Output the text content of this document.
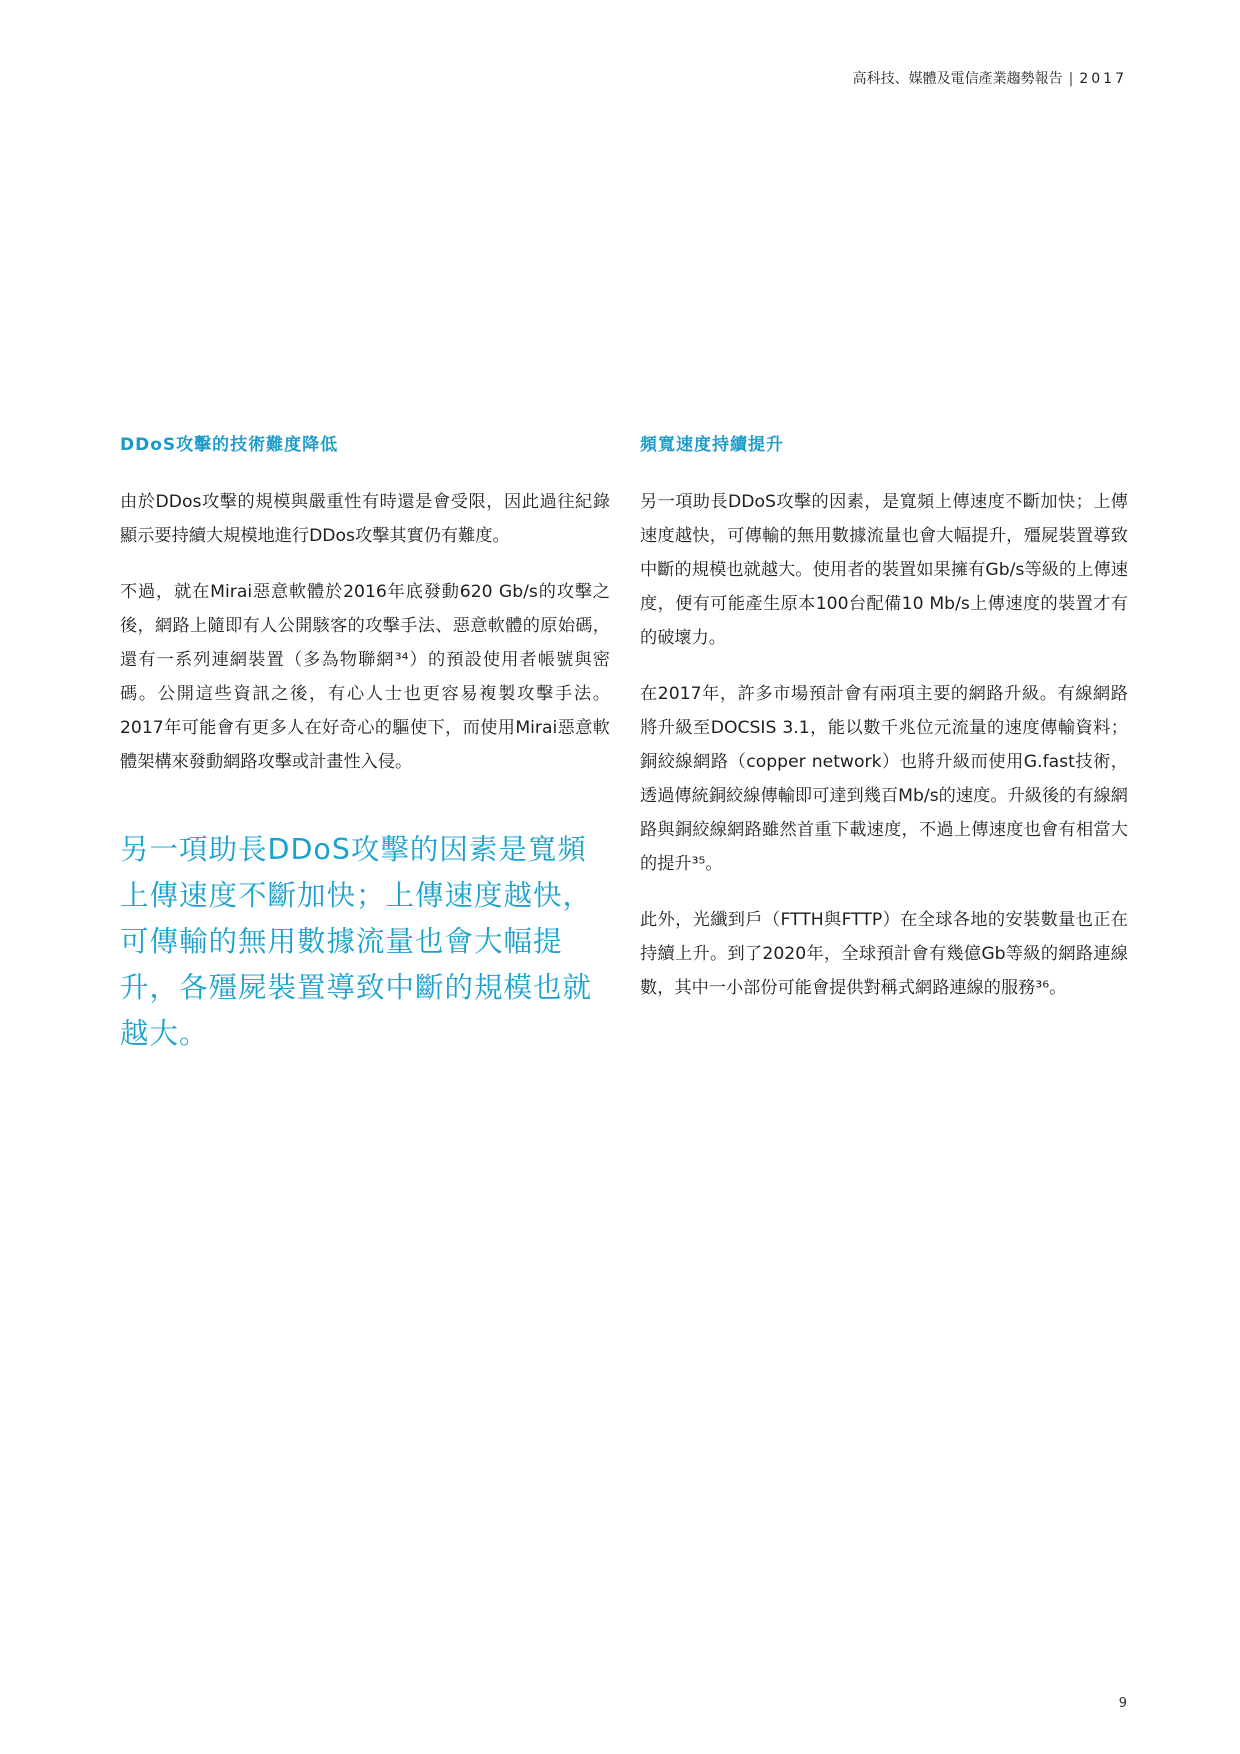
高科技、媒體及電信產業趨勢報告 | 2017
DDoS攻擊的技術難度降低

由於DDos攻擊的規模與嚴重性有時還是會受限，因此過往紀錄顯示要持續大規模地進行DDos攻擊其實仍有難度。

不過，就在Mirai惡意軟體於2016年底發動620 Gb/s的攻擊之後，網路上隨即有人公開駭客的攻擊手法、惡意軟體的原始碼，還有一系列連網裝置（多為物聯網³⁴）的預設使用者帳號與密碼。公開這些資訊之後，有心人士也更容易複製攻擊手法。2017年可能會有更多人在好奇心的驅使下，而使用Mirai惡意軟體架構來發動網路攻擊或計畫性入侵。

另一項助長DDoS攻擊的因素是寬頻上傳速度不斷加快；上傳速度越快，可傳輸的無用數據流量也會大幅提升，各殭屍裝置導致中斷的規模也就越大。
頻寬速度持續提升

另一項助長DDoS攻擊的因素，是寬頻上傳速度不斷加快；上傳速度越快，可傳輸的無用數據流量也會大幅提升，殭屍裝置導致中斷的規模也就越大。使用者的裝置如果擁有Gb/s等級的上傳速度，便有可能產生原本100台配備10 Mb/s上傳速度的裝置才有的破壞力。

在2017年，許多市場預計會有兩項主要的網路升級。有線網路將升級至DOCSIS 3.1，能以數千兆位元流量的速度傳輸資料；銅絞線網路（copper network）也將升級而使用G.fast技術，透過傳統銅絞線傳輸即可達到幾百Mb/s的速度。升級後的有線網路與銅絞線網路雖然首重下載速度，不過上傳速度也會有相當大的提升³⁵。

此外，光纖到戶（FTTH與FTTP）在全球各地的安裝數量也正在持續上升。到了2020年，全球預計會有幾億Gb等級的網路連線數，其中一小部份可能會提供對稱式網路連線的服務³⁶。

9
